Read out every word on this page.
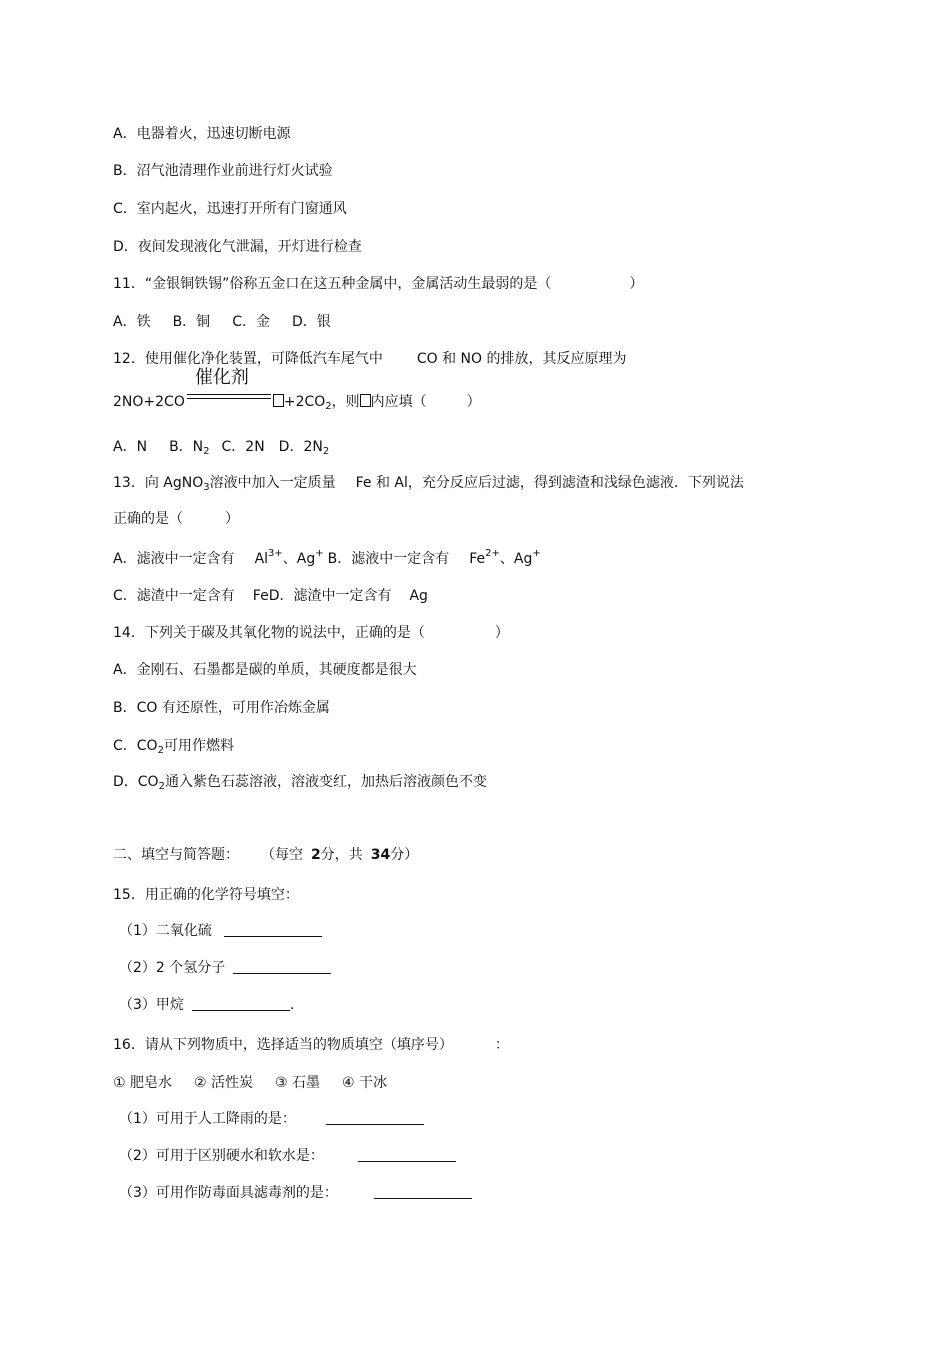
A．电器着火，迅速切断电源
B．沼气池清理作业前进行灯火试验
C．室内起火，迅速打开所有门窗通风
D．夜间发现液化气泄漏，开灯进行检查
11．“金银铜铁锡”俗称五金口在这五种金属中，金属活动生最弱的是（	）
A．铁 B．铜 C．金 D．银
12．使用催化净化装置，可降低汽车尾气中 CO 和 NO 的排放，其反应原理为
2NO+2CO
催化剂
$+2CO_2$，则 内应填（	）
A．N B．$N_2$ C．2N D．$2N_2$
13．向 AgNO$_3$溶液中加入一定质量 Fe 和 Al，充分反应后过滤，得到滤渣和浅绿色滤液．下列说法
正确的是（	）
A．滤液中一定含有 $Al^{3+}$、Ag+ B．滤液中一定含有 $Fe^{2+}$、Ag+
C．滤渣中一定含有 FeD．滤渣中一定含有 Ag
14．下列关于碳及其氧化物的说法中，正确的是（	）
A．金刚石、石墨都是碳的单质，其硬度都是很大
B．CO 有还原性，可用作冶炼金属
C．$CO_2$可用作燃料
D．$CO_2$通入紫色石蕊溶液，溶液变红，加热后溶液颜色不变
二、填空与简答题： （每空 2分，共 34分）
15．用正确的化学符号填空：
（1）二氧化硫
（2）2 个氢分子
（3）甲烷	.
16．请从下列物质中，选择适当的物质填空（填序号）	：
① 肥皂水 ② 活性炭 ③ 石墨 ④ 干冰
（1）可用于人工降雨的是：
（2）可用于区别硬水和软水是：
（3）可用作防毒面具滤毒剂的是：
